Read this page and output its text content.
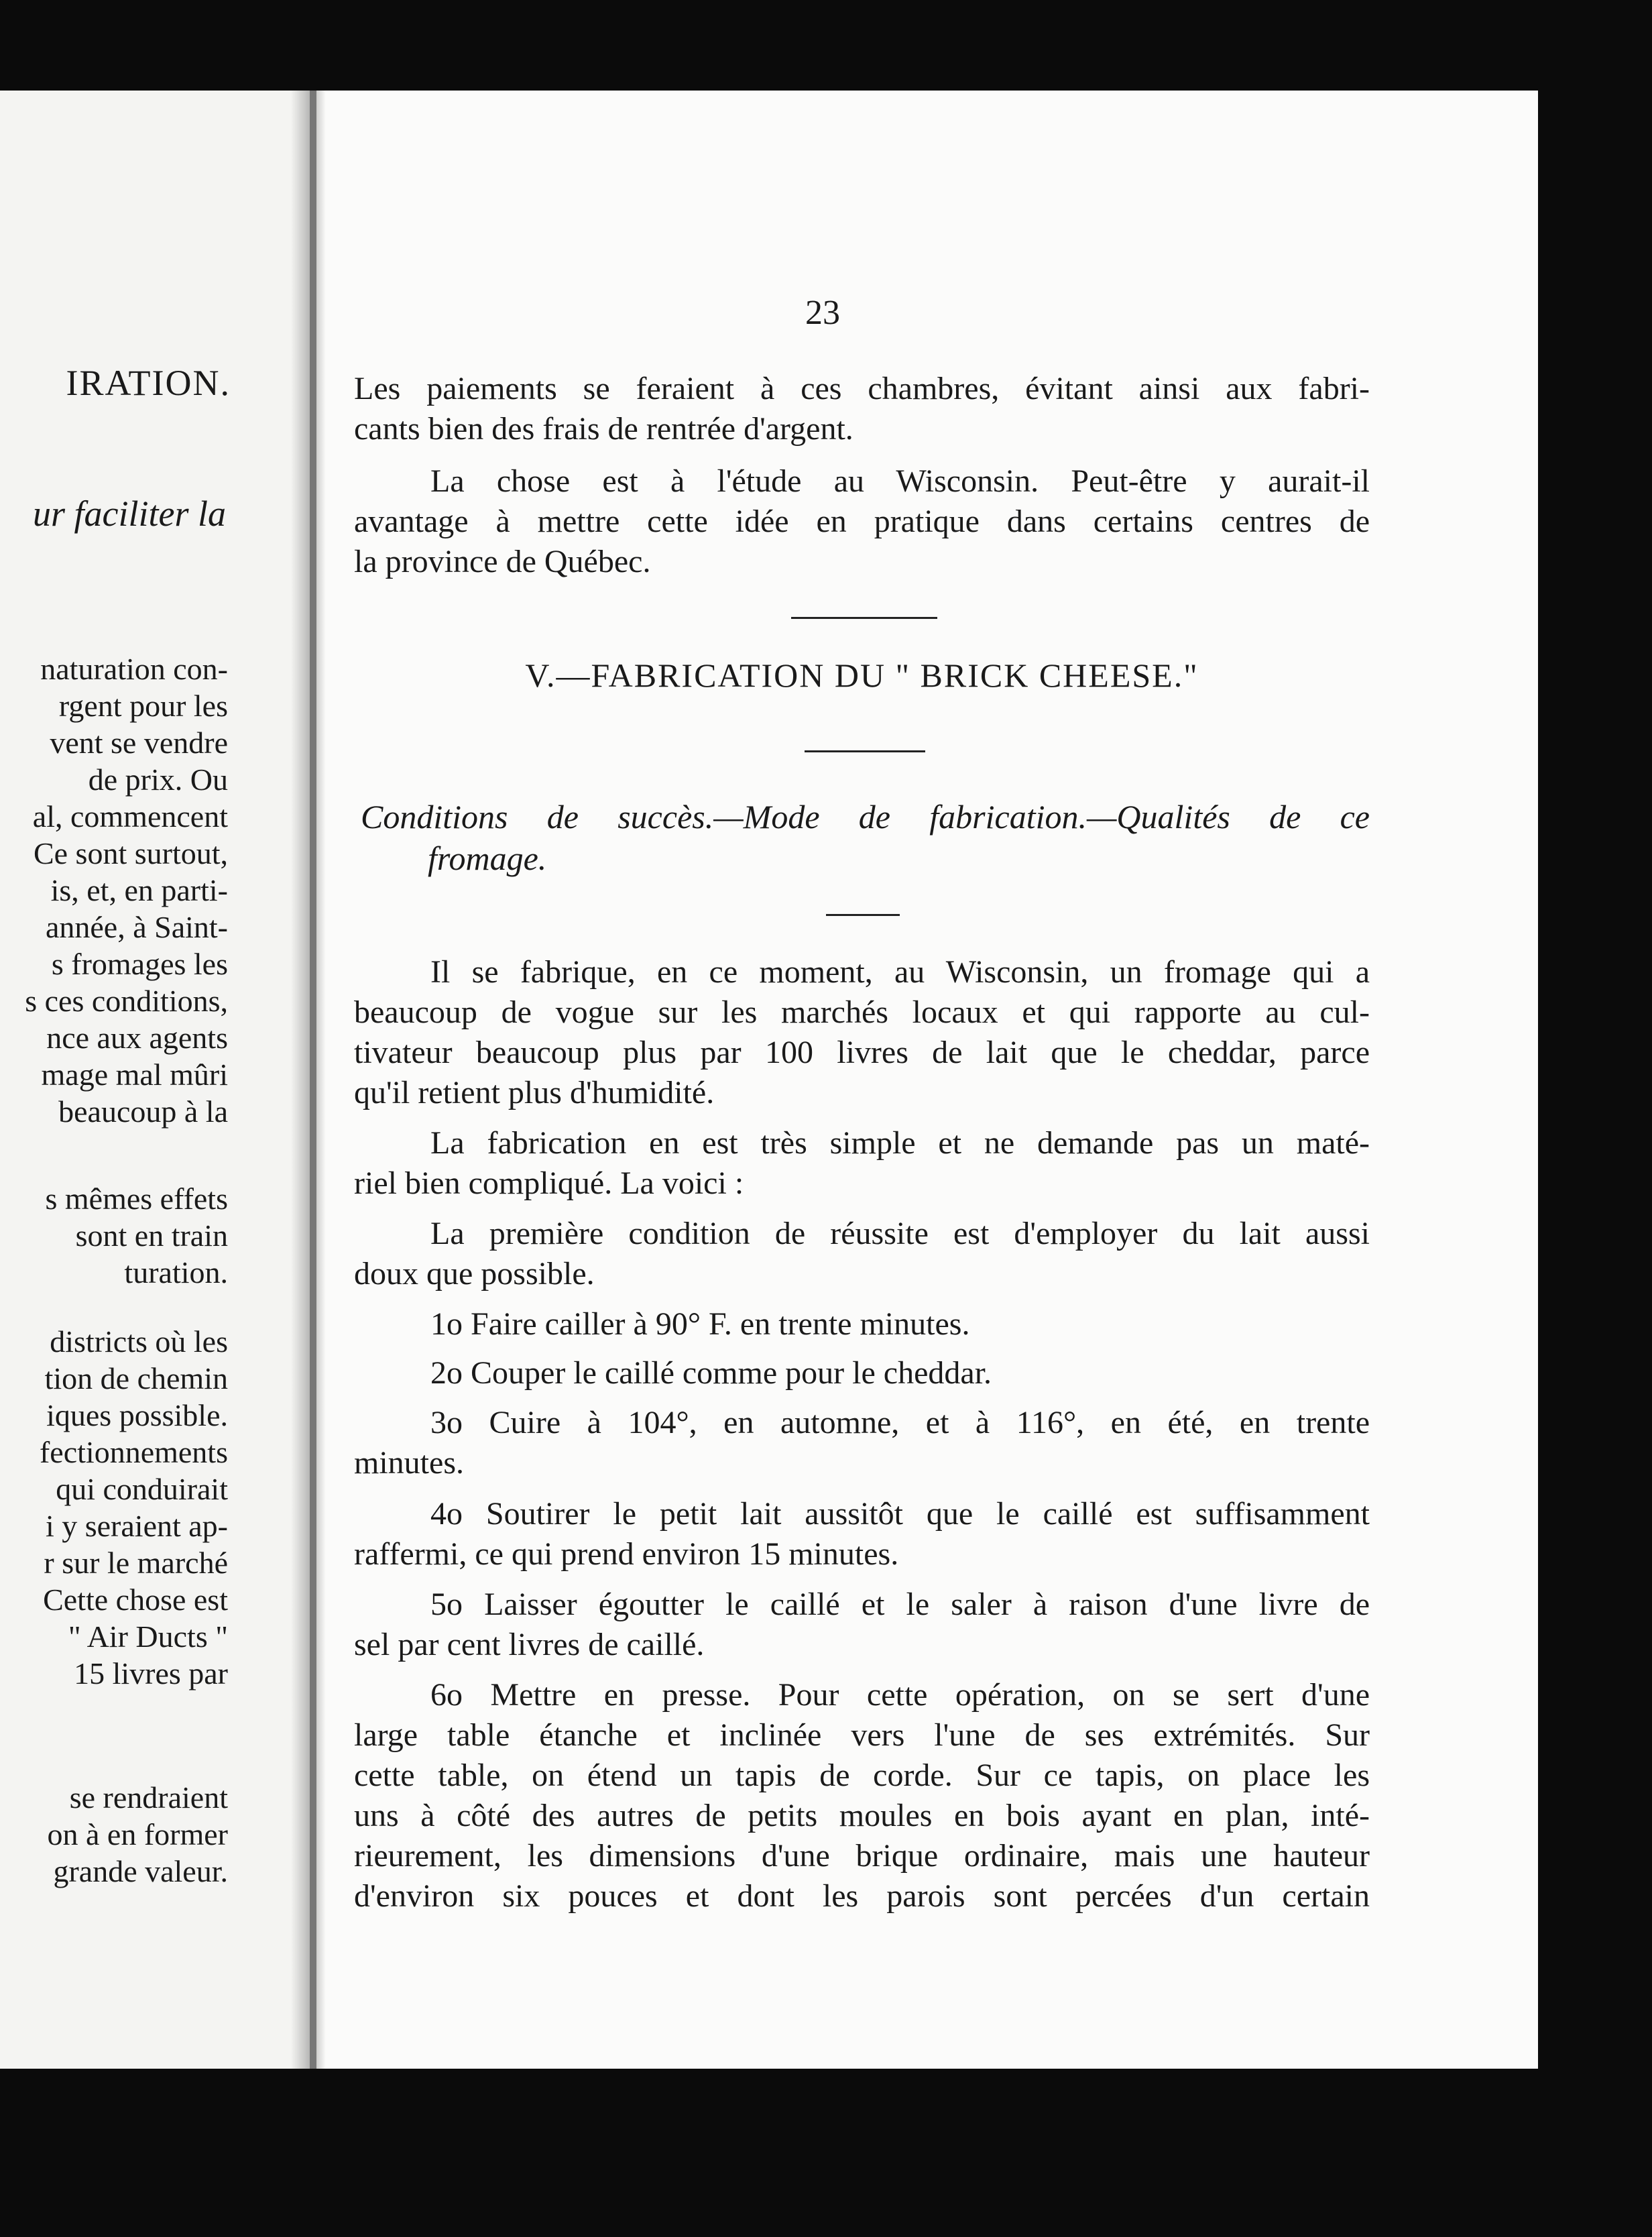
IRATION.
ur faciliter la
naturation con-
rgent pour les
vent se vendre
de prix. Ou
al, commencent
Ce sont surtout,
is, et, en parti-
année, à Saint-
s fromages les
s ces conditions,
nce aux agents
mage mal mûri
beaucoup à la
s mêmes effets
sont en train
turation.
districts où les
tion de chemin
iques possible.
fectionnements
qui conduirait
i y seraient ap-
r sur le marché
Cette chose est
" Air Ducts "
15 livres par
se rendraient
on à en former
grande valeur.
23
Les paiements se feraient à ces chambres, évitant ainsi aux fabri-
cants bien des frais de rentrée d'argent.
La chose est à l'étude au Wisconsin. Peut-être y aurait-il
avantage à mettre cette idée en pratique dans certains centres de
la province de Québec.
V.—FABRICATION DU " BRICK CHEESE."
Conditions de succès.—Mode de fabrication.—Qualités de ce
fromage.
Il se fabrique, en ce moment, au Wisconsin, un fromage qui a
beaucoup de vogue sur les marchés locaux et qui rapporte au cul-
tivateur beaucoup plus par 100 livres de lait que le cheddar, parce
qu'il retient plus d'humidité.
La fabrication en est très simple et ne demande pas un maté-
riel bien compliqué. La voici :
La première condition de réussite est d'employer du lait aussi
doux que possible.
1o Faire cailler à 90° F. en trente minutes.
2o Couper le caillé comme pour le cheddar.
3o Cuire à 104°, en automne, et à 116°, en été, en trente
minutes.
4o Soutirer le petit lait aussitôt que le caillé est suffisamment
raffermi, ce qui prend environ 15 minutes.
5o Laisser égoutter le caillé et le saler à raison d'une livre de
sel par cent livres de caillé.
6o Mettre en presse. Pour cette opération, on se sert d'une
large table étanche et inclinée vers l'une de ses extrémités. Sur
cette table, on étend un tapis de corde. Sur ce tapis, on place les
uns à côté des autres de petits moules en bois ayant en plan, inté-
rieurement, les dimensions d'une brique ordinaire, mais une hauteur
d'environ six pouces et dont les parois sont percées d'un certain
